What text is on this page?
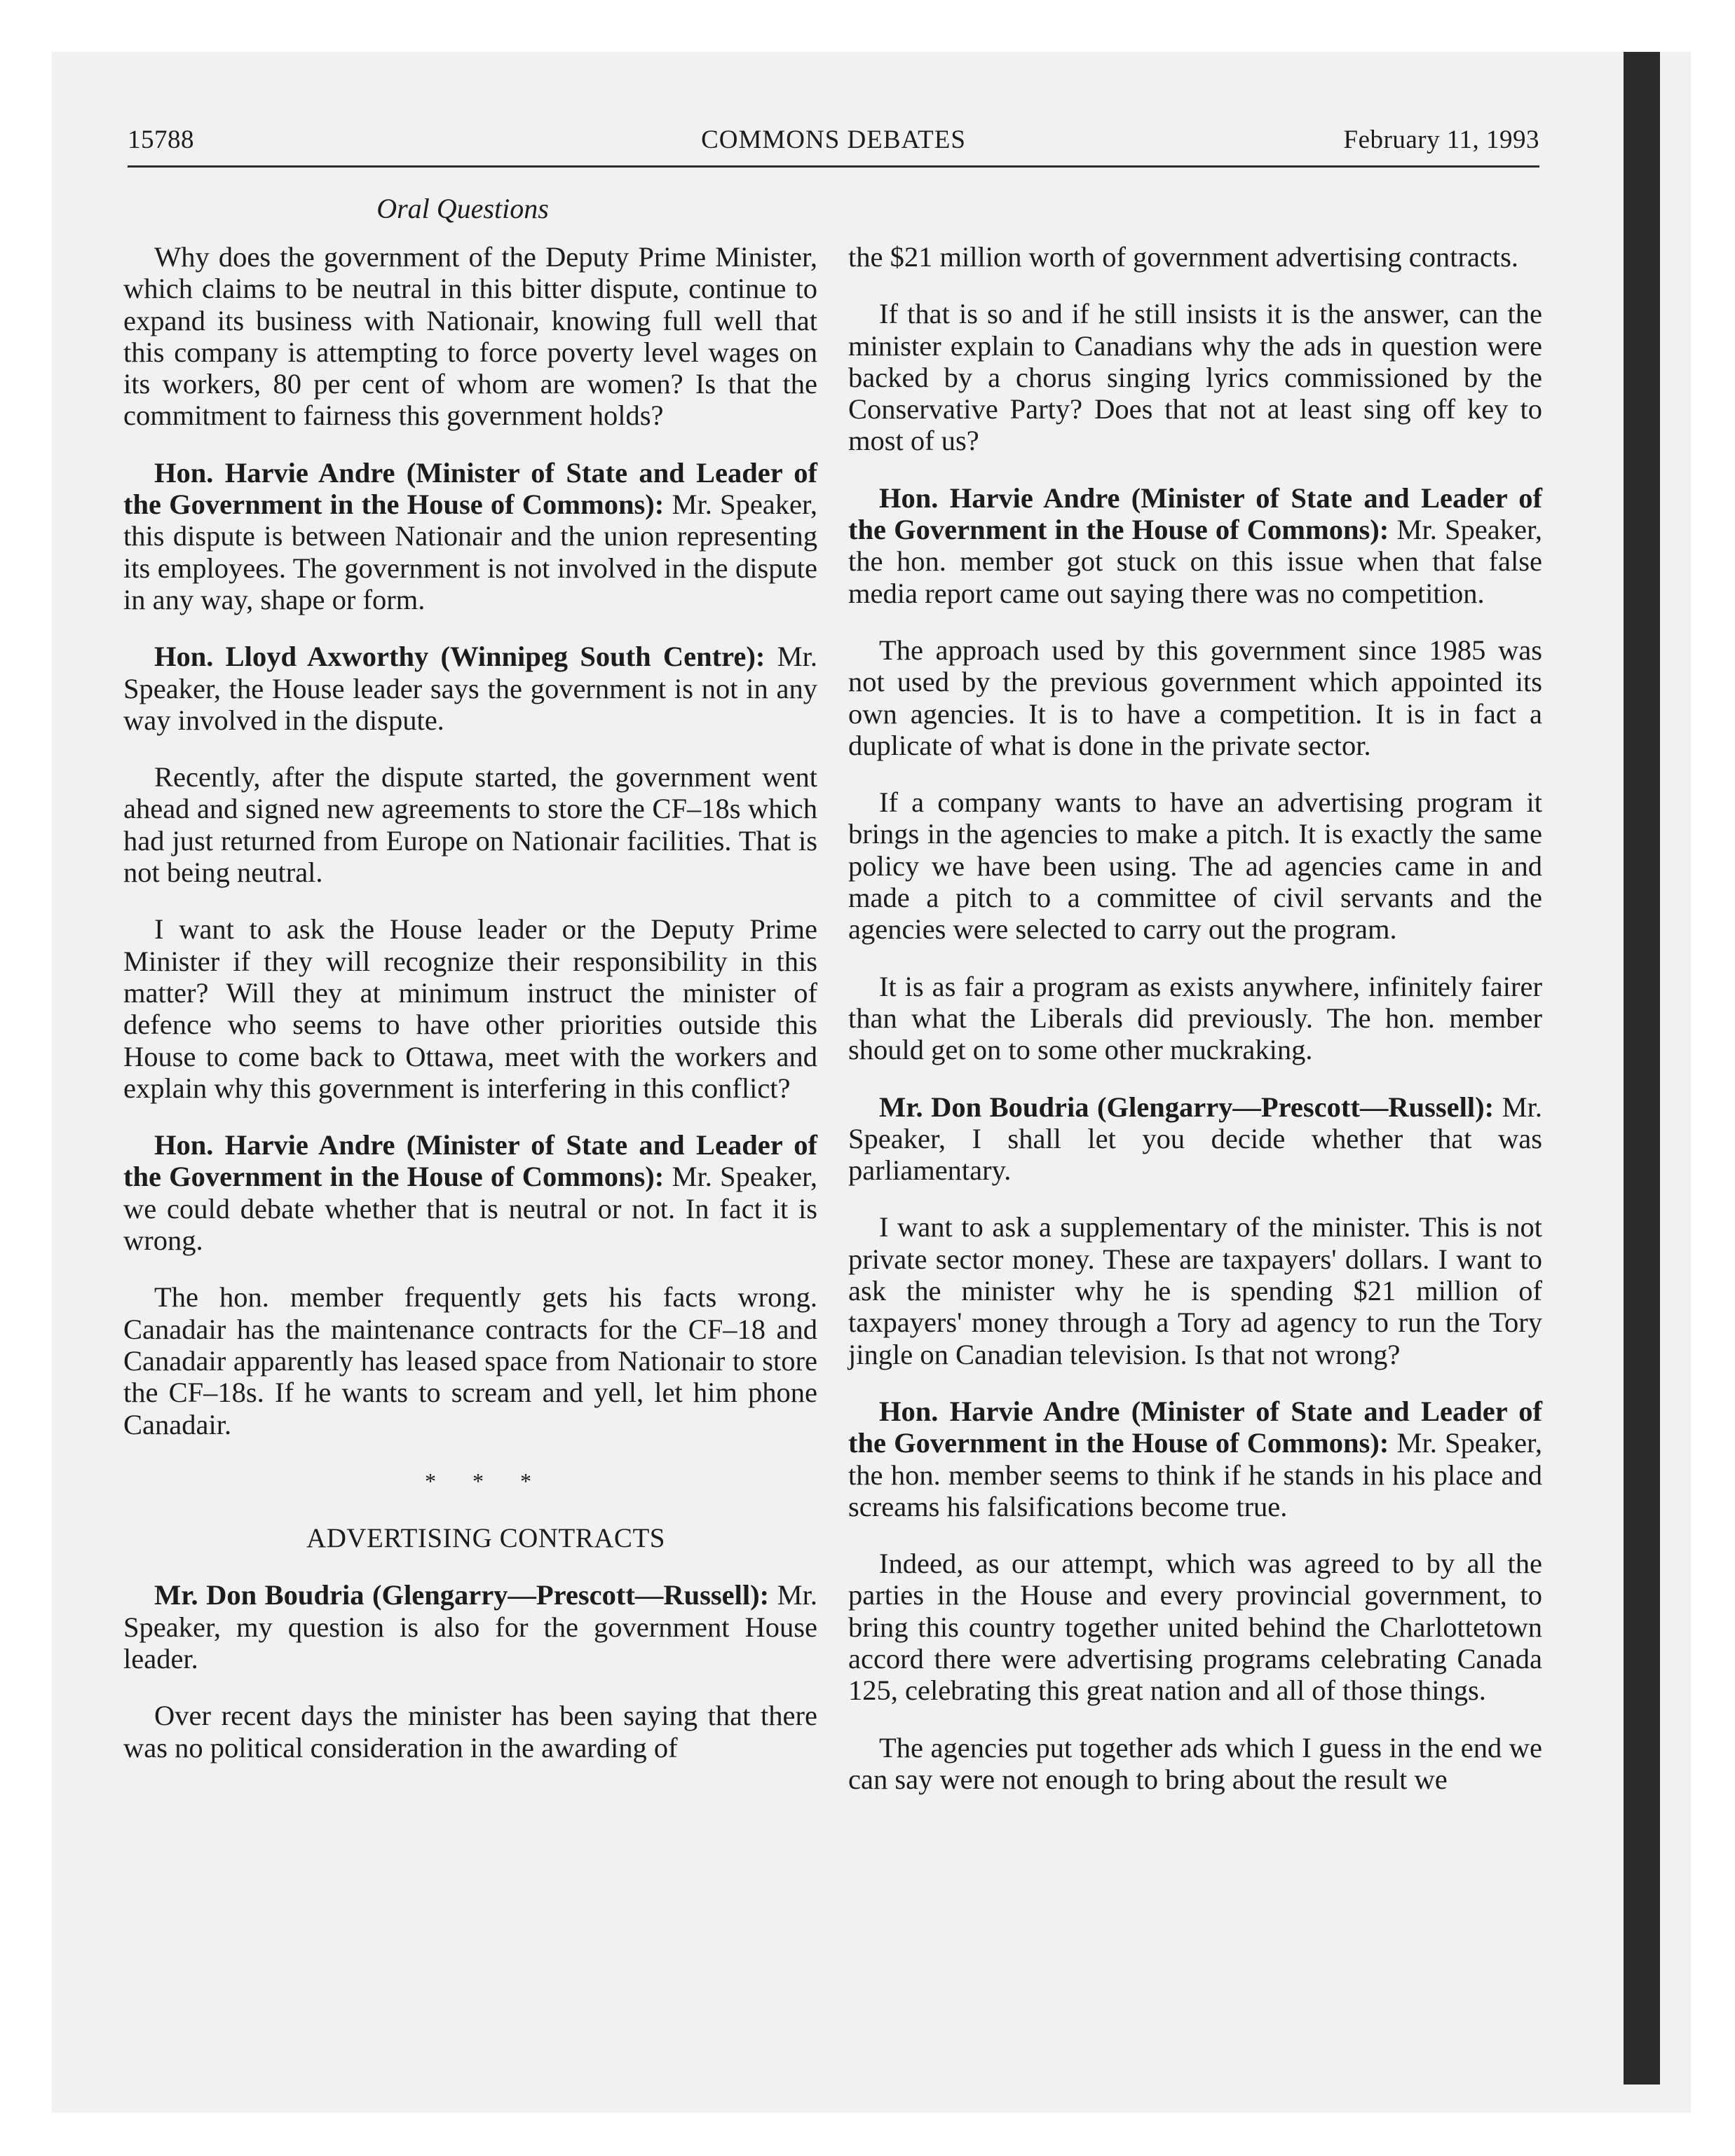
15788	COMMONS DEBATES	February 11, 1993
Oral Questions

Why does the government of the Deputy Prime Minister, which claims to be neutral in this bitter dispute, continue to expand its business with Nationair, knowing full well that this company is attempting to force poverty level wages on its workers, 80 per cent of whom are women? Is that the commitment to fairness this government holds?

Hon. Harvie Andre (Minister of State and Leader of the Government in the House of Commons): Mr. Speaker, this dispute is between Nationair and the union representing its employees. The government is not involved in the dispute in any way, shape or form.

Hon. Lloyd Axworthy (Winnipeg South Centre): Mr. Speaker, the House leader says the government is not in any way involved in the dispute.

Recently, after the dispute started, the government went ahead and signed new agreements to store the CF–18s which had just returned from Europe on Nationair facilities. That is not being neutral.

I want to ask the House leader or the Deputy Prime Minister if they will recognize their responsibility in this matter? Will they at minimum instruct the minister of defence who seems to have other priorities outside this House to come back to Ottawa, meet with the workers and explain why this government is interfering in this conflict?

Hon. Harvie Andre (Minister of State and Leader of the Government in the House of Commons): Mr. Speaker, we could debate whether that is neutral or not. In fact it is wrong.

The hon. member frequently gets his facts wrong. Canadair has the maintenance contracts for the CF–18 and Canadair apparently has leased space from Nationair to store the CF–18s. If he wants to scream and yell, let him phone Canadair.

* * *

ADVERTISING CONTRACTS

Mr. Don Boudria (Glengarry—Prescott—Russell): Mr. Speaker, my question is also for the government House leader.

Over recent days the minister has been saying that there was no political consideration in the awarding of

the $21 million worth of government advertising contracts.

If that is so and if he still insists it is the answer, can the minister explain to Canadians why the ads in question were backed by a chorus singing lyrics commissioned by the Conservative Party? Does that not at least sing off key to most of us?

Hon. Harvie Andre (Minister of State and Leader of the Government in the House of Commons): Mr. Speaker, the hon. member got stuck on this issue when that false media report came out saying there was no competition.

The approach used by this government since 1985 was not used by the previous government which appointed its own agencies. It is to have a competition. It is in fact a duplicate of what is done in the private sector.

If a company wants to have an advertising program it brings in the agencies to make a pitch. It is exactly the same policy we have been using. The ad agencies came in and made a pitch to a committee of civil servants and the agencies were selected to carry out the program.

It is as fair a program as exists anywhere, infinitely fairer than what the Liberals did previously. The hon. member should get on to some other muckraking.

Mr. Don Boudria (Glengarry—Prescott—Russell): Mr. Speaker, I shall let you decide whether that was parliamentary.

I want to ask a supplementary of the minister. This is not private sector money. These are taxpayers' dollars. I want to ask the minister why he is spending $21 million of taxpayers' money through a Tory ad agency to run the Tory jingle on Canadian television. Is that not wrong?

Hon. Harvie Andre (Minister of State and Leader of the Government in the House of Commons): Mr. Speaker, the hon. member seems to think if he stands in his place and screams his falsifications become true.

Indeed, as our attempt, which was agreed to by all the parties in the House and every provincial government, to bring this country together united behind the Charlottetown accord there were advertising programs celebrating Canada 125, celebrating this great nation and all of those things.

The agencies put together ads which I guess in the end we can say were not enough to bring about the result we
